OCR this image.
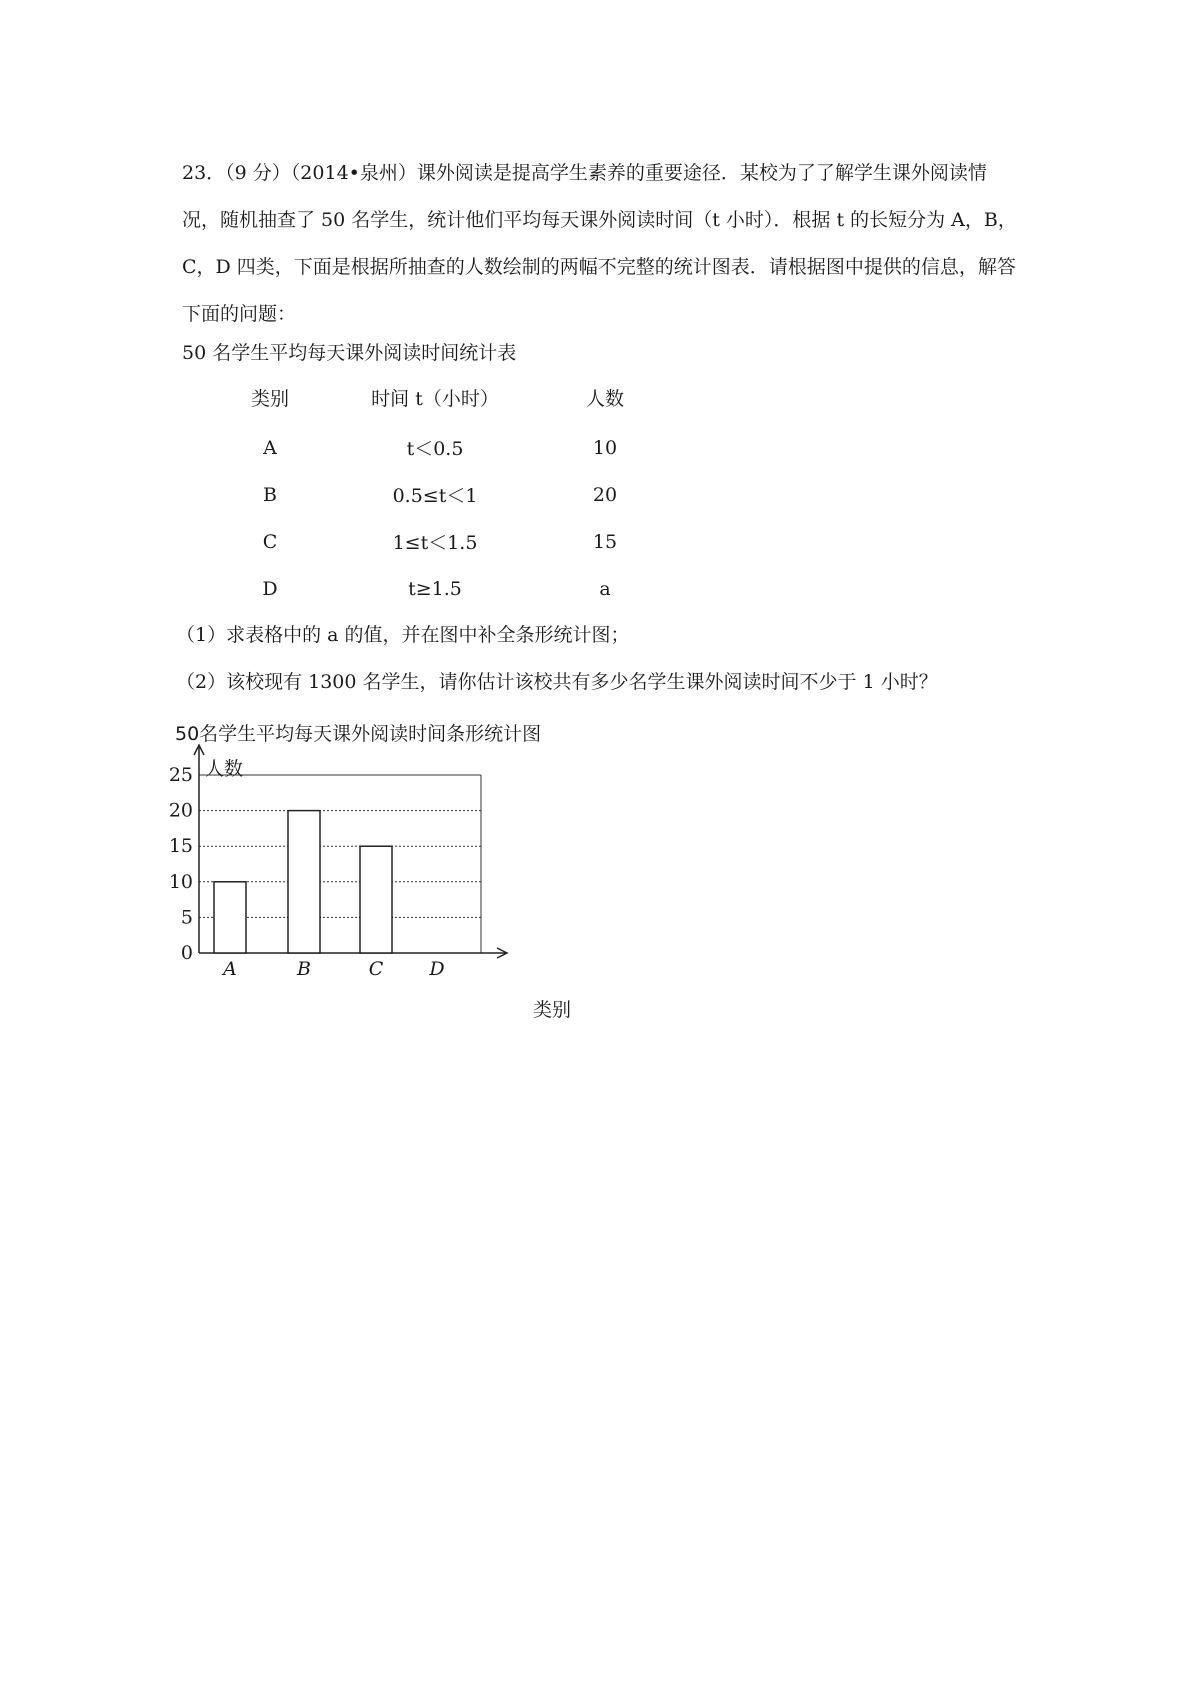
23．（9 分）（2014•泉州）课外阅读是提高学生素养的重要途径．某校为了了解学生课外阅读情况，随机抽查了 50 名学生，统计他们平均每天课外阅读时间（t 小时）．根据 t 的长短分为 A，B，C，D 四类，下面是根据所抽查的人数绘制的两幅不完整的统计图表．请根据图中提供的信息，解答下面的问题：

50 名学生平均每天课外阅读时间统计表

类别	时间 t（小时）	人数
A	t＜0.5	10
B	0.5≤t＜1	20
C	1≤t＜1.5	15
D	t≥1.5	a

（1）求表格中的 a 的值，并在图中补全条形统计图；

（2）该校现有 1300 名学生，请你估计该校共有多少名学生课外阅读时间不少于 1 小时？

50名学生平均每天课外阅读时间条形统计图
人数
类别
0
5
10
15
20
25
A	B	C D
